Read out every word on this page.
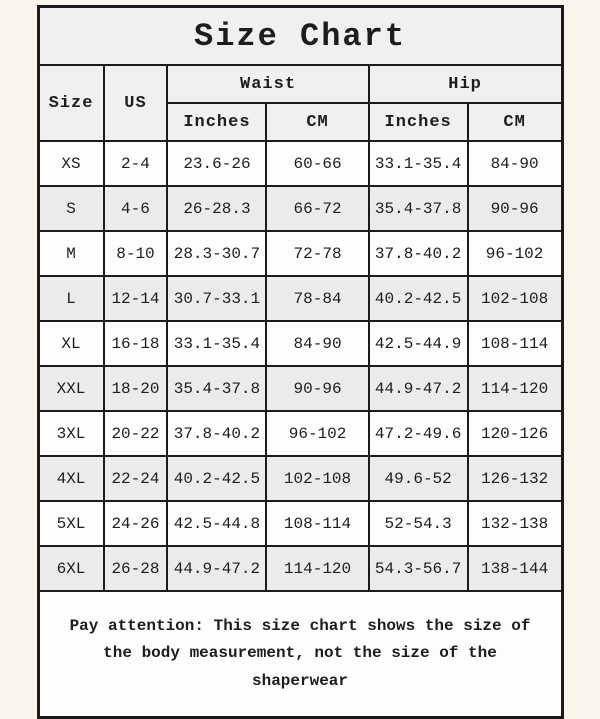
Size Chart					
Size	US	Waist		Hip	
		Inches	CM	Inches	CM
XS	2-4	23.6-26	60-66	33.1-35.4	84-90
S	4-6	26-28.3	66-72	35.4-37.8	90-96
M	8-10	28.3-30.7	72-78	37.8-40.2	96-102
L	12-14	30.7-33.1	78-84	40.2-42.5	102-108
XL	16-18	33.1-35.4	84-90	42.5-44.9	108-114
XXL	18-20	35.4-37.8	90-96	44.9-47.2	114-120
3XL	20-22	37.8-40.2	96-102	47.2-49.6	120-126
4XL	22-24	40.2-42.5	102-108	49.6-52	126-132
5XL	24-26	42.5-44.8	108-114	52-54.3	132-138
6XL	26-28	44.9-47.2	114-120	54.3-56.7	138-144
Pay attention: This size chart shows the size of the body measurement, not the size of the shaperwear					
